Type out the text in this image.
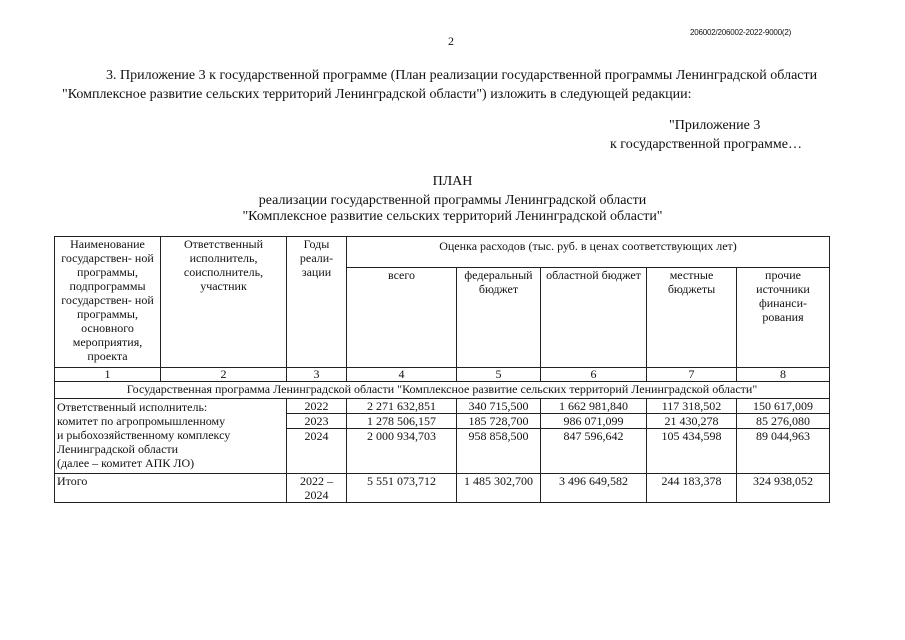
2
206002/206002-2022-9000(2)
3. Приложение 3 к государственной программе (План реализации государственной программы Ленинградской области
"Комплексное развитие сельских территорий Ленинградской области") изложить в следующей редакции:
"Приложение 3
к государственной программе…
ПЛАН
реализации государственной программы Ленинградской области
"Комплексное развитие сельских территорий Ленинградской области"
Наименование государствен- ной программы, подпрограммы государствен- ной программы, основного мероприятия, проекта	Ответственный исполнитель, соисполнитель, участник	Годы реали- зации	Оценка расходов (тыс. руб. в ценах соответствующих лет)				
			всего	федеральный бюджет	областной бюджет	местные бюджеты	прочие источники финанси- рования
1	2	3	4	5	6	7	8
Государственная программа Ленинградской области "Комплексное развитие сельских территорий Ленинградской области"							

Ответственный исполнитель:
комитет по агропромышленному
и рыбохозяйственному комплексу
Ленинградской области
(далее – комитет АПК ЛО)		2022	2 271 632,851	340 715,500	1 662 981,840	117 318,502	150 617,009
		2023	1 278 506,157	185 728,700	986 071,099	21 430,278	85 276,080
		2024	2 000 934,703	958 858,500	847 596,642	105 434,598	89 044,963
Итого		2022 – 2024	5 551 073,712	1 485 302,700	3 496 649,582	244 183,378	324 938,052
